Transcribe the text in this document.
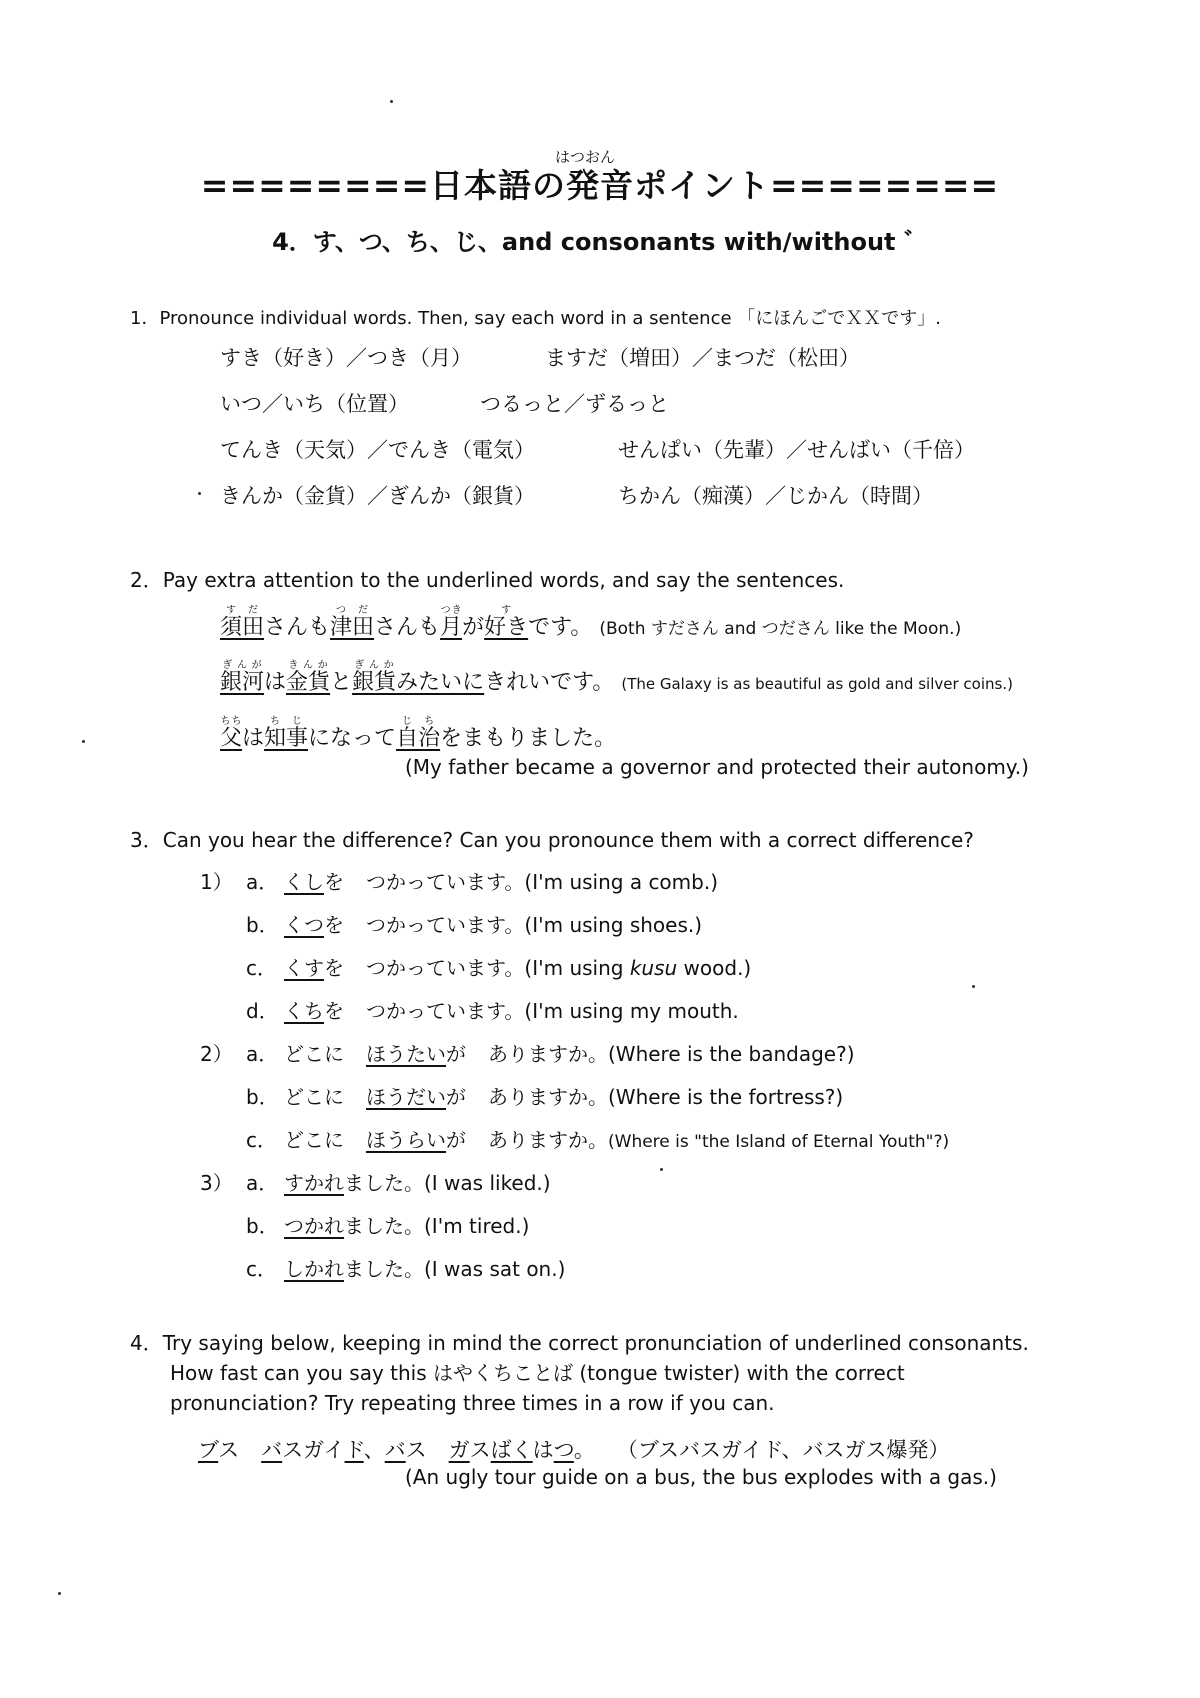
はつおん
========日本語の発音ポイント========
4．す、つ、ち、じ、and consonants with/without ゛
1．Pronounce individual words. Then, say each word in a sentence 「にほんごでＸＸです」.
すき（好き）／つき（月）	ますだ（増田）／まつだ（松田）
いつ／いち（位置）	つるっと／ずるっと
てんき（天気）／でんき（電気）	せんぱい（先輩）／せんばい（千倍）
きんか（金貨）／ぎんか（銀貨）	ちかん（痴漢）／じかん（時間）
2．Pay extra attention to the underlined words, and say the sentences.
須田すださんも津田つださんも月つきが好きすです。 (Both すださん and つださん like the Moon.)
銀河ぎんがは金貨きんかと銀貨ぎんかみたいにきれいです。 (The Galaxy is as beautiful as gold and silver coins.)
父ちちは知事ちじになって自治じちをまもりました。
(My father became a governor and protected their autonomy.)
3．Can you hear the difference? Can you pronounce them with a correct difference?
1） a． くしを つかっています。(I'm using a comb.)
b． くつを つかっています。(I'm using shoes.)
c． くすを つかっています。(I'm using kusu wood.)
d． くちを つかっています。(I'm using my mouth.
2） a． どこに ほうたいが ありますか。(Where is the bandage?)
b． どこに ほうだいが ありますか。(Where is the fortress?)
c． どこに ほうらいが ありますか。(Where is "the Island of Eternal Youth"?)
3） a． すかれました。(I was liked.)
b． つかれました。(I'm tired.)
c． しかれました。(I was sat on.)
4．Try saying below, keeping in mind the correct pronunciation of underlined consonants.
How fast can you say this はやくちことば (tongue twister) with the correct
pronunciation? Try repeating three times in a row if you can.
ブス バスガイド、バス ガスばくはつ。 （ブスバスガイド、バスガス爆発）
(An ugly tour guide on a bus, the bus explodes with a gas.)
